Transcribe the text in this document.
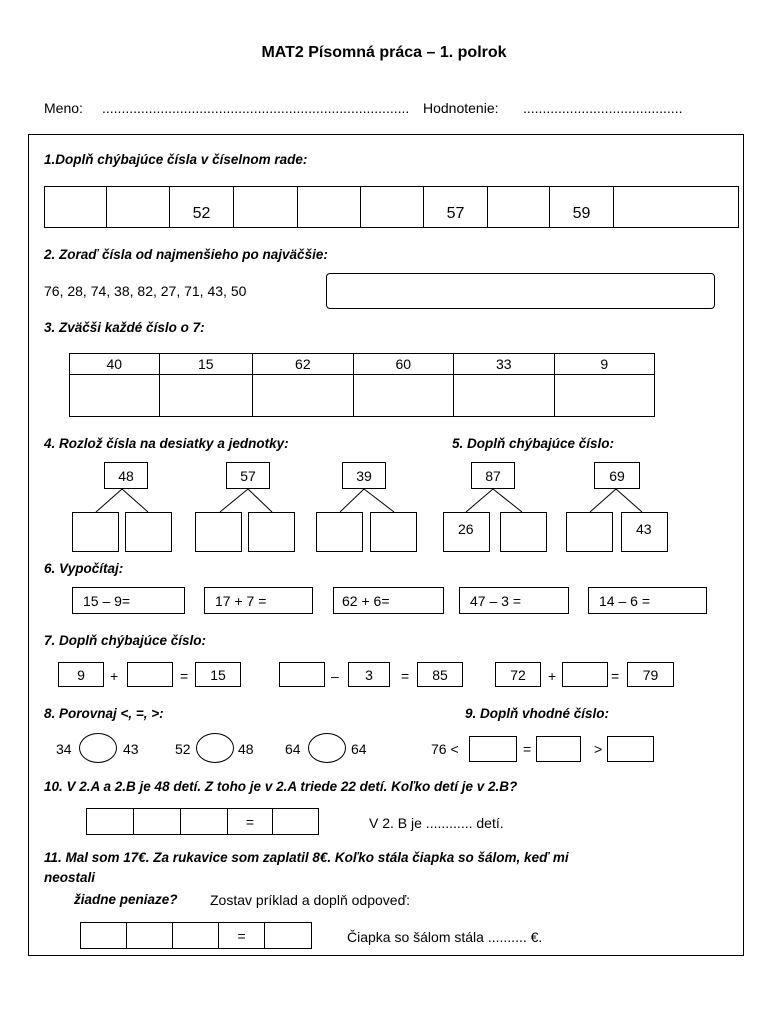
MAT2 Písomná práca – 1. polrok
Meno: ............................................................................... Hodnotenie: .........................................
1.Doplň chýbajúce čísla v číselnom rade:
52	57	59
2. Zoraď čísla od najmenšieho po najväčšie:
76, 28, 74, 38, 82, 27, 71, 43, 50
3. Zväčši každé číslo o 7:
40	15	62	60	33	9

4. Rozlož čísla na desiatky a jednotky:	5. Doplň chýbajúce číslo:
48	57	39	87
26
69
43
6. Vypočítaj:
15 – 9=	17 + 7 =	62 + 6=	47 – 3 =	14 – 6 =
7. Doplň chýbajúce číslo:
9	+	=	15	–	3	=	85	72	+	=	79
8. Porovnaj <, =, >:	9. Doplň vhodné číslo:
34	43	52	48 64	64	76 <	=	>
10. V 2.A a 2.B je 48 detí. Z toho je v 2.A triede 22 detí. Koľko detí je v 2.B?
=	V 2. B je ............ detí.
11. Mal som 17€. Za rukavice som zaplatil 8€. Koľko stála čiapka so šálom, keď mi
neostali
žiadne peniaze? Zostav príklad a doplň odpoveď:
=	Čiapka so šálom stála .......... €.
